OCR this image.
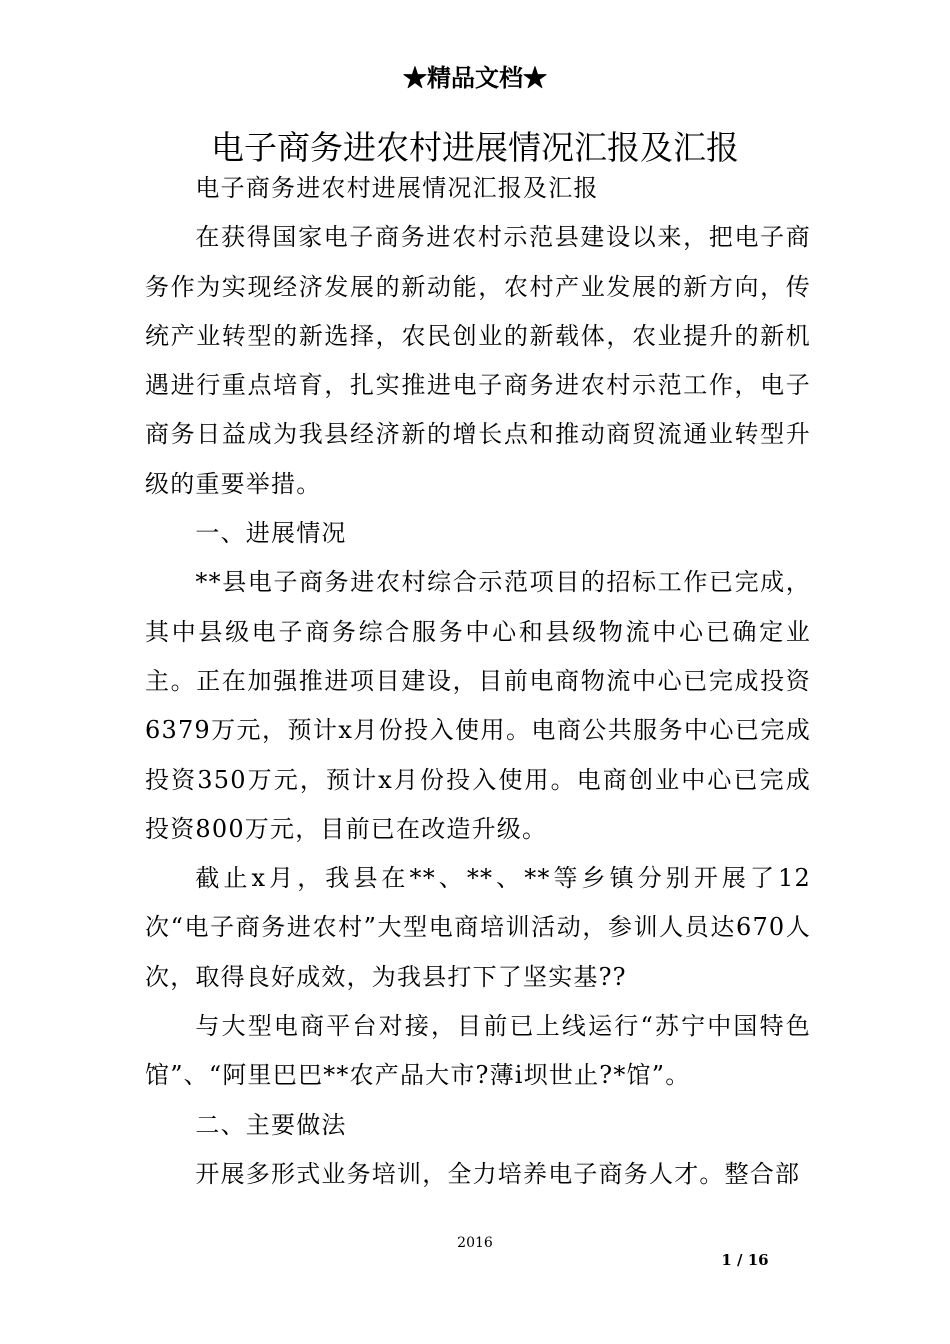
★精品文档★
电子商务进农村进展情况汇报及汇报

电子商务进农村进展情况汇报及汇报

在获得国家电子商务进农村示范县建设以来，把电子商务作为实现经济发展的新动能，农村产业发展的新方向，传统产业转型的新选择，农民创业的新载体，农业提升的新机遇进行重点培育，扎实推进电子商务进农村示范工作，电子商务日益成为我县经济新的增长点和推动商贸流通业转型升级的重要举措。

一、进展情况

**县电子商务进农村综合示范项目的招标工作已完成，其中县级电子商务综合服务中心和县级物流中心已确定业主。正在加强推进项目建设，目前电商物流中心已完成投资6379万元，预计x月份投入使用。电商公共服务中心已完成投资350万元，预计x月份投入使用。电商创业中心已完成投资800万元，目前已在改造升级。

截止x月，我县在**、**、**等乡镇分别开展了12次“电子商务进农村”大型电商培训活动，参训人员达670人次，取得良好成效，为我县打下了坚实基??

与大型电商平台对接，目前已上线运行“苏宁中国特色馆”、“阿里巴巴**农产品大市?薄i坝世止?*馆”。

二、主要做法

开展多形式业务培训，全力培养电子商务人才。整合部

2016
1 / 16
